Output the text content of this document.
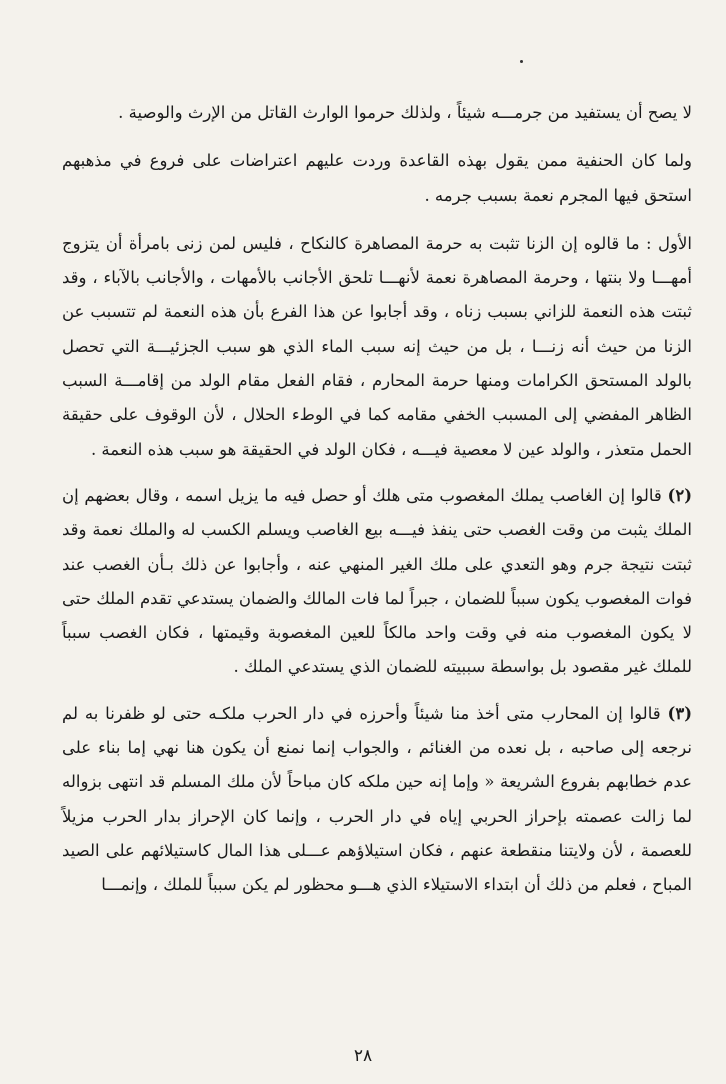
لا يصح أن يستفيد من جرمـــه شيئاً ، ولذلك حرموا الوارث القاتل من الإرث والوصية .

ولما كان الحنفية ممن يقول بهذه القاعدة وردت عليهم اعتراضات على فروع في مذهبهم استحق فيها المجرم نعمة بسبب جرمه .

الأول : ما قالوه إن الزنا تثبت به حرمة المصاهرة كالنكاح ، فليس لمن زنى بامرأة أن يتزوج أمهـــا ولا بنتها ، وحرمة المصاهرة نعمة لأنهـــا تلحق الأجانب بالأمهات ، والأجانب بالآباء ، وقد ثبتت هذه النعمة للزاني بسبب زناه ، وقد أجابوا عن هذا الفرع بأن هذه النعمة لم تتسبب عن الزنا من حيث أنه زنـــا ، بل من حيث إنه سبب الماء الذي هو سبب الجزئيـــة التي تحصل بالولد المستحق الكرامات ومنها حرمة المحارم ، فقام الفعل مقام الولد من إقامـــة السبب الظاهر المفضي إلى المسبب الخفي مقامه كما في الوطء الحلال ، لأن الوقوف على حقيقة الحمل متعذر ، والولد عين لا معصية فيـــه ، فكان الولد في الحقيقة هو سبب هذه النعمة .

(٢) قالوا إن الغاصب يملك المغصوب متى هلك أو حصل فيه ما يزيل اسمه ، وقال بعضهم إن الملك يثبت من وقت الغصب حتى ينفذ فيـــه بيع الغاصب ويسلم الكسب له والملك نعمة وقد ثبتت نتيجة جرم وهو التعدي على ملك الغير المنهي عنه ، وأجابوا عن ذلك بـأن الغصب عند فوات المغصوب يكون سبباً للضمان ، جبراً لما فات المالك والضمان يستدعي تقدم الملك حتى لا يكون المغصوب منه في وقت واحد مالكاً للعين المغصوبة وقيمتها ، فكان الغصب سبباً للملك غير مقصود بل بواسطة سببيته للضمان الذي يستدعي الملك .

(٣) قالوا إن المحارب متى أخذ منا شيئاً وأحرزه في دار الحرب ملكـه حتى لو ظفرنا به لم نرجعه إلى صاحبه ، بل نعده من الغنائم ، والجواب إنما نمنع أن يكون هنا نهي إما بناء على عدم خطابهم بفروع الشريعة « وإما إنه حين ملكه كان مباحاً لأن ملك المسلم قد انتهى بزواله لما زالت عصمته بإحراز الحربي إياه في دار الحرب ، وإنما كان الإحراز بدار الحرب مزيلاً للعصمة ، لأن ولايتنا منقطعة عنهم ، فكان استيلاؤهم عـــلى هذا المال كاستيلائهم على الصيد المباح ، فعلم من ذلك أن ابتداء الاستيلاء الذي هـــو محظور لم يكن سبباً للملك ، وإنمـــا

٢٨
